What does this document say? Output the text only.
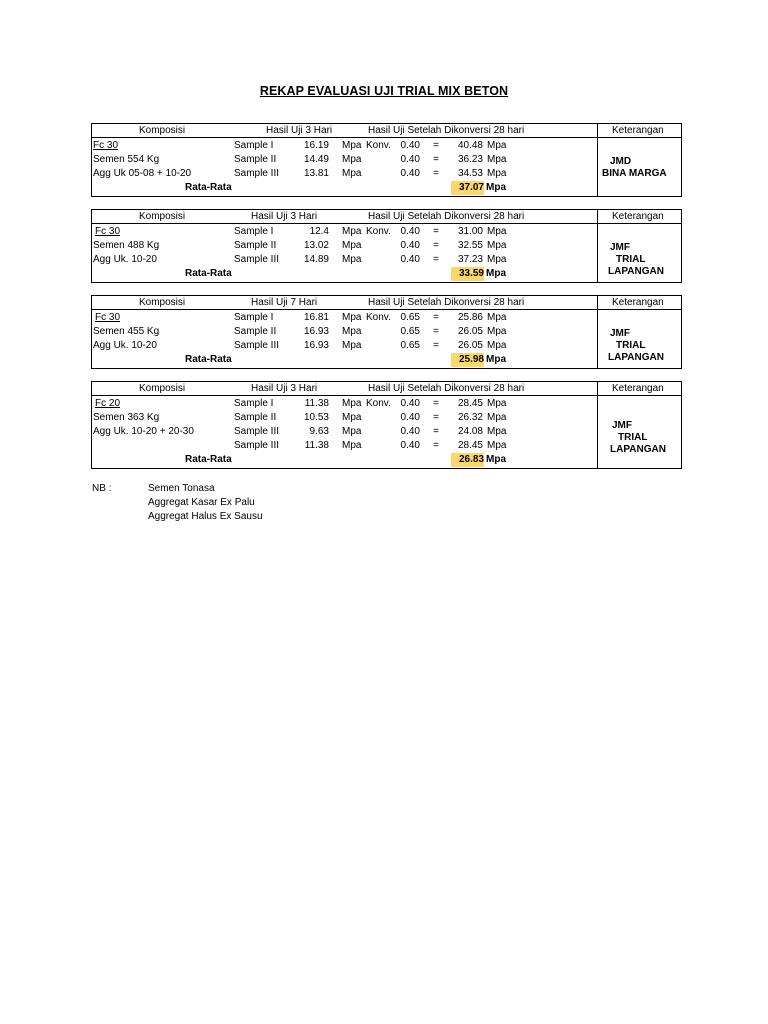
REKAP EVALUASI UJI TRIAL MIX BETON
Komposisi	Hasil Uji 3 Hari	Hasil Uji Setelah Dikonversi 28 hari	Keterangan
Fc 30	Sample I	16.19 Mpa Konv. 0.40 =	40.48 Mpa
Semen 554 Kg	Sample II	14.49 Mpa	0.40 =	36.23 Mpa
Agg Uk 05-08 + 10-20	Sample III	13.81 Mpa	0.40 =	34.53 Mpa
Rata-Rata	37.07 Mpa
JMD
BINA MARGA
Komposisi	Hasil Uji 3 Hari	Hasil Uji Setelah Dikonversi 28 hari	Keterangan
Fc 30	Sample I	12.4 Mpa Konv. 0.40 =	31.00 Mpa
Semen 488 Kg	Sample II	13.02 Mpa	0.40 =	32.55 Mpa
Agg Uk. 10-20	Sample III	14.89 Mpa	0.40 =	37.23 Mpa
Rata-Rata	33.59 Mpa
JMF
TRIAL
LAPANGAN
Komposisi	Hasil Uji 7 Hari	Hasil Uji Setelah Dikonversi 28 hari	Keterangan
Fc 30	Sample I	16.81 Mpa Konv. 0.65 =	25.86 Mpa
Semen 455 Kg	Sample II	16.93 Mpa	0.65 =	26.05 Mpa
Agg Uk. 10-20	Sample III	16.93 Mpa	0.65 =	26.05 Mpa
Rata-Rata	25.98 Mpa
JMF
TRIAL
LAPANGAN
Komposisi	Hasil Uji 3 Hari	Hasil Uji Setelah Dikonversi 28 hari	Keterangan
Fc 20	Sample I	11.38 Mpa Konv. 0.40 =	28.45 Mpa
Semen 363 Kg	Sample II	10.53 Mpa	0.40 =	26.32 Mpa
Agg Uk. 10-20 + 20-30	Sample III	9.63 Mpa	0.40 =	24.08 Mpa
Sample III	11.38 Mpa	0.40 =	28.45 Mpa
Rata-Rata	26.83 Mpa
JMF
TRIAL
LAPANGAN
NB :	Semen Tonasa
Aggregat Kasar Ex Palu
Aggregat Halus Ex Sausu
